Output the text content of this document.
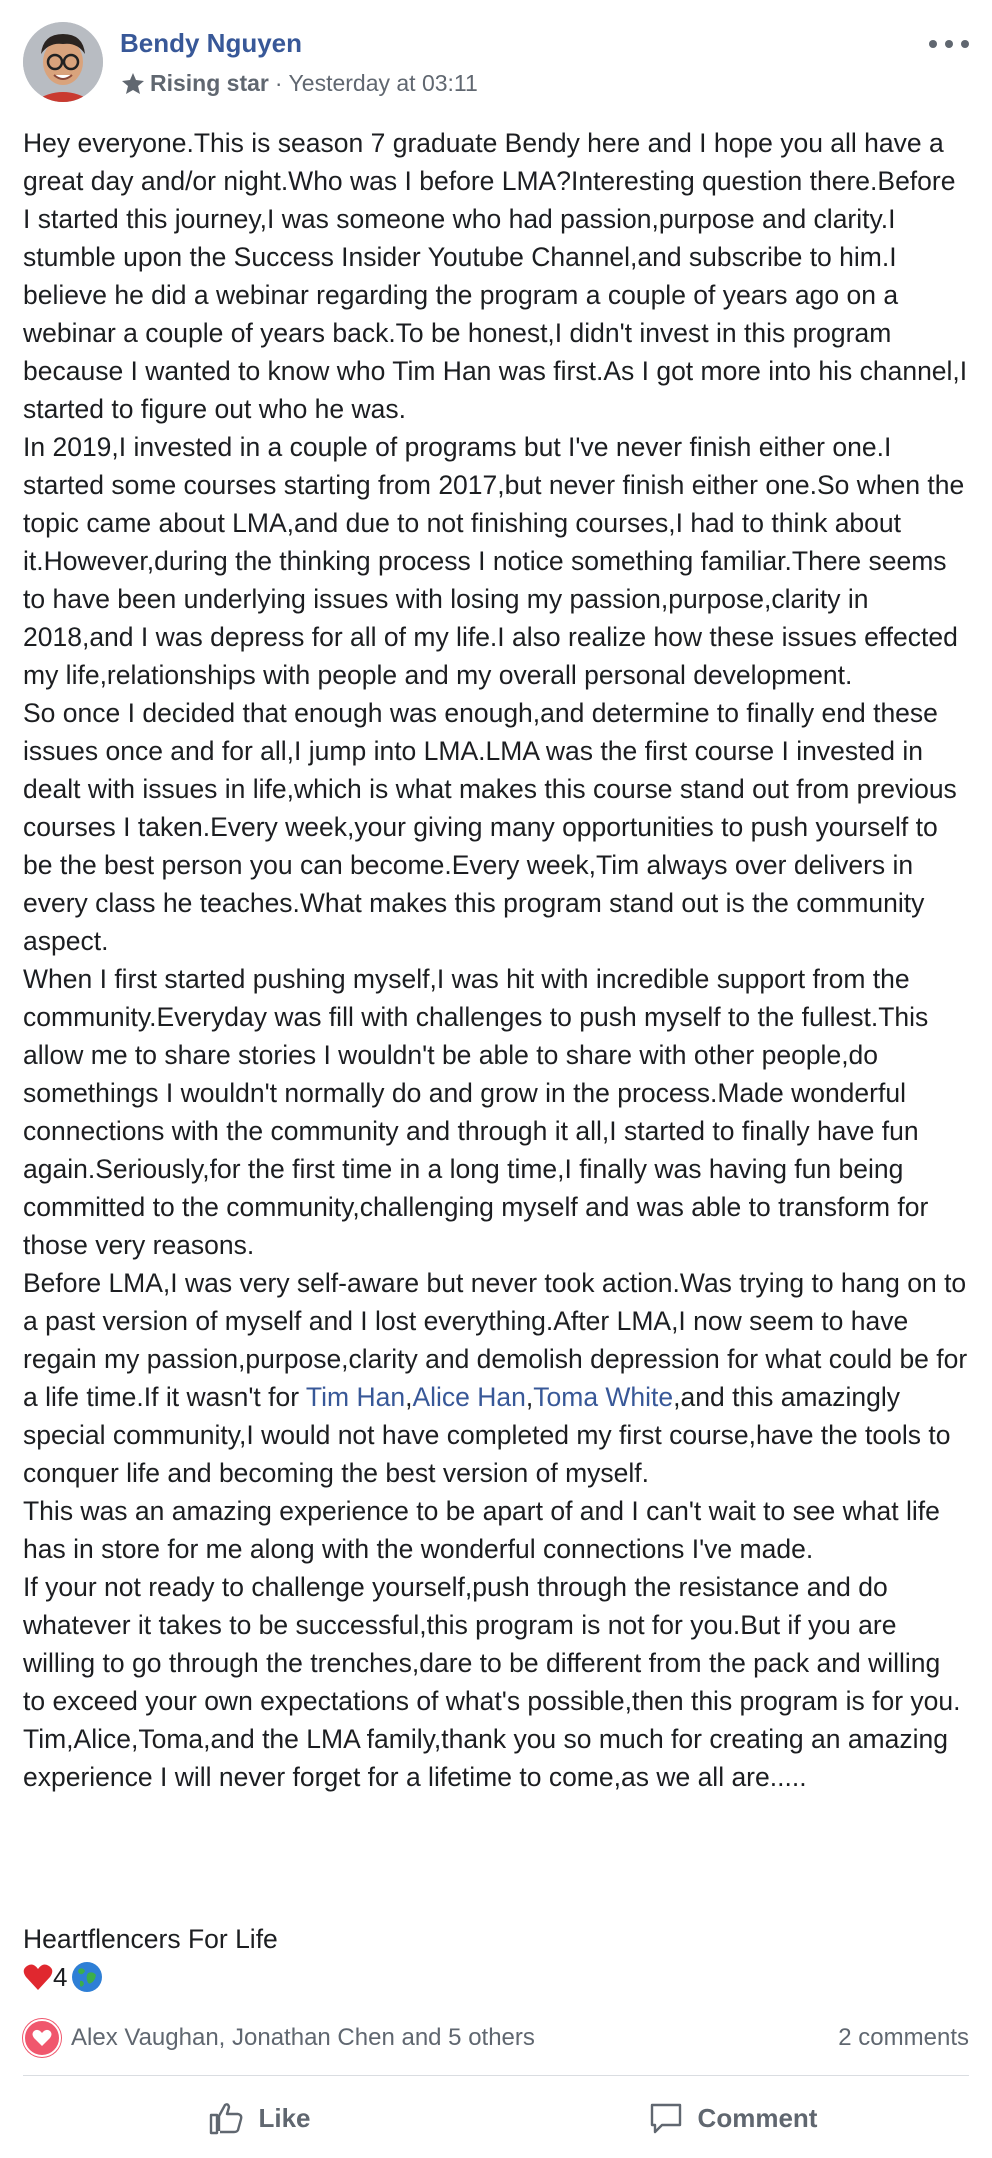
Bendy Nguyen
Rising star · Yesterday at 03:11

Hey everyone.This is season 7 graduate Bendy here and I hope you all have a great day and/or night.Who was I before LMA?Interesting question there.Before I started this journey,I was someone who had passion,purpose and clarity.I stumble upon the Success Insider Youtube Channel,and subscribe to him.I believe he did a webinar regarding the program a couple of years ago on a webinar a couple of years back.To be honest,I didn't invest in this program because I wanted to know who Tim Han was first.As I got more into his channel,I started to figure out who he was.

In 2019,I invested in a couple of programs but I've never finish either one.I started some courses starting from 2017,but never finish either one.So when the topic came about LMA,and due to not finishing courses,I had to think about it.However,during the thinking process I notice something familiar.There seems to have been underlying issues with losing my passion,purpose,clarity in 2018,and I was depress for all of my life.I also realize how these issues effected my life,relationships with people and my overall personal development.

So once I decided that enough was enough,and determine to finally end these issues once and for all,I jump into LMA.LMA was the first course I invested in dealt with issues in life,which is what makes this course stand out from previous courses I taken.Every week,your giving many opportunities to push yourself to be the best person you can become.Every week,Tim always over delivers in every class he teaches.What makes this program stand out is the community aspect.

When I first started pushing myself,I was hit with incredible support from the community.Everyday was fill with challenges to push myself to the fullest.This allow me to share stories I wouldn't be able to share with other people,do somethings I wouldn't normally do and grow in the process.Made wonderful connections with the community and through it all,I started to finally have fun again.Seriously,for the first time in a long time,I finally was having fun being committed to the community,challenging myself and was able to transform for those very reasons.

Before LMA,I was very self-aware but never took action.Was trying to hang on to a past version of myself and I lost everything.After LMA,I now seem to have regain my passion,purpose,clarity and demolish depression for what could be for a life time.If it wasn't for Tim Han,Alice Han,Toma White,and this amazingly special community,I would not have completed my first course,have the tools to conquer life and becoming the best version of myself.

This was an amazing experience to be apart of and I can't wait to see what life has in store for me along with the wonderful connections I've made.

If your not ready to challenge yourself,push through the resistance and do whatever it takes to be successful,this program is not for you.But if you are willing to go through the trenches,dare to be different from the pack and willing to exceed your own expectations of what's possible,then this program is for you.

Tim,Alice,Toma,and the LMA family,thank you so much for creating an amazing experience I will never forget for a lifetime to come,as we all are.....

Heartflencers For Life
4
Alex Vaughan, Jonathan Chen and 5 others	2 comments
Like	Comment
